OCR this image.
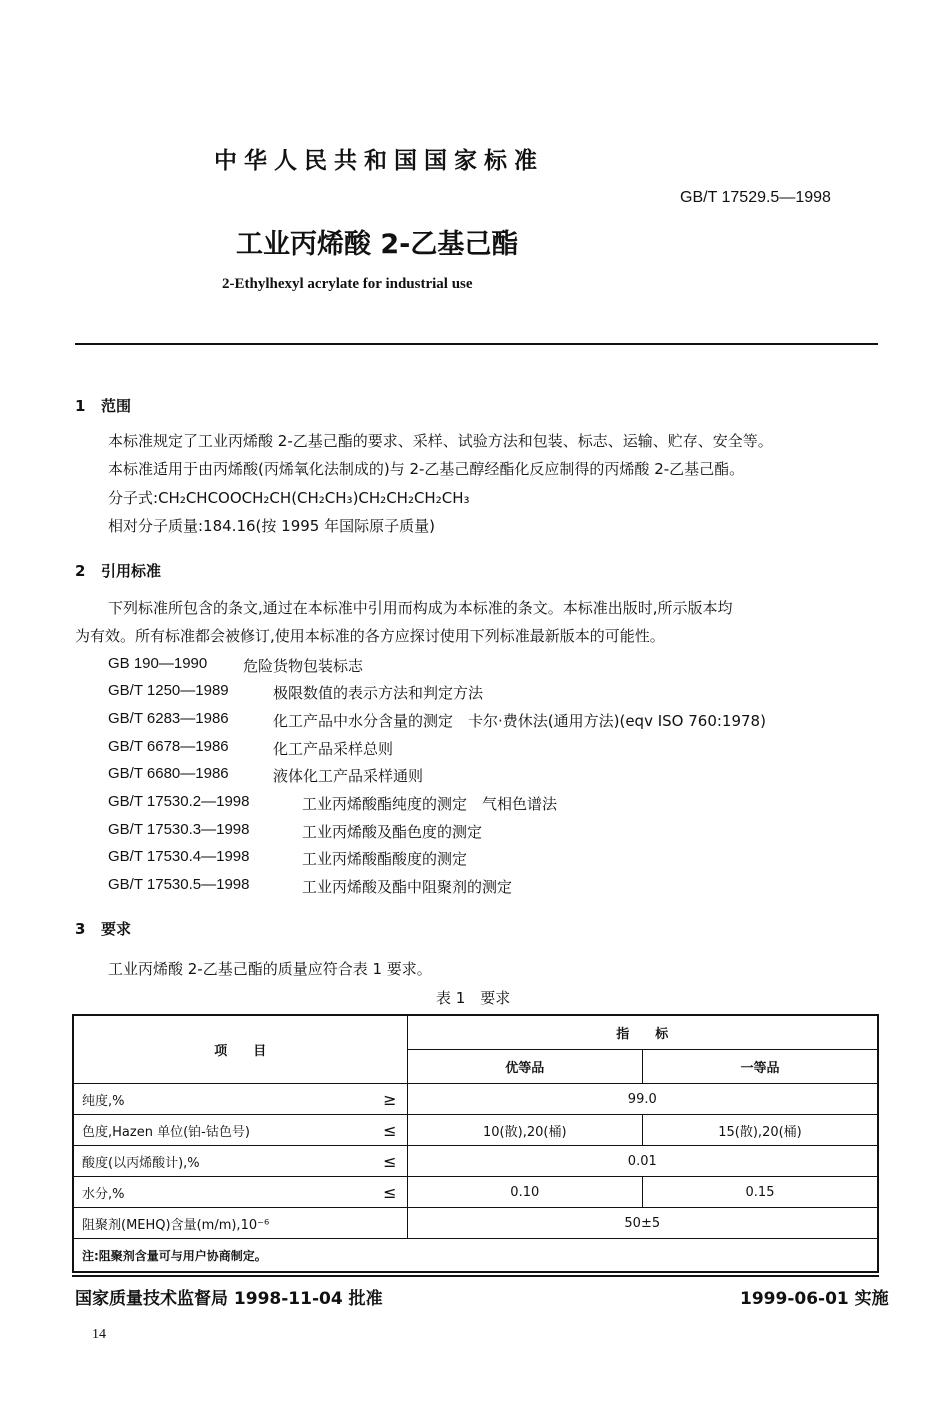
中华人民共和国国家标准
GB/T 17529.5—1998
工业丙烯酸 2-乙基己酯
2-Ethylhexyl acrylate for industrial use
1 范围
本标准规定了工业丙烯酸 2-乙基己酯的要求、采样、试验方法和包装、标志、运输、贮存、安全等。
本标准适用于由丙烯酸(丙烯氧化法制成的)与 2-乙基己醇经酯化反应制得的丙烯酸 2-乙基己酯。
分子式:CH₂CHCOOCH₂CH(CH₂CH₃)CH₂CH₂CH₂CH₃
相对分子质量:184.16(按 1995 年国际原子质量)
2 引用标准
下列标准所包含的条文,通过在本标准中引用而构成为本标准的条文。本标准出版时,所示版本均
为有效。所有标准都会被修订,使用本标准的各方应探讨使用下列标准最新版本的可能性。
GB 190—1990 危险货物包装标志
GB/T 1250—1989	极限数值的表示方法和判定方法
GB/T 6283—1986	化工产品中水分含量的测定　卡尔·费休法(通用方法)(eqv ISO 760:1978)
GB/T 6678—1986	化工产品采样总则
GB/T 6680—1986	液体化工产品采样通则
GB/T 17530.2—1998	工业丙烯酸酯纯度的测定　气相色谱法
GB/T 17530.3—1998	工业丙烯酸及酯色度的测定
GB/T 17530.4—1998	工业丙烯酸酯酸度的测定
GB/T 17530.5—1998	工业丙烯酸及酯中阻聚剂的测定
3 要求
工业丙烯酸 2-乙基己酯的质量应符合表 1 要求。
表 1　要求
项　　目	指　　标	
	优等品	一等品
纯度,% ≥	99.0	
色度,Hazen 单位(铂-钴色号) ≤	10(散),20(桶)	15(散),20(桶)
酸度(以丙烯酸计),% ≤	0.01	
水分,% ≤	0.10	0.15
阻聚剂(MEHQ)含量(m/m),10⁻⁶	50±5	
注:阻聚剂含量可与用户协商制定。		
国家质量技术监督局 1998-11-04 批准	1999-06-01 实施
14
